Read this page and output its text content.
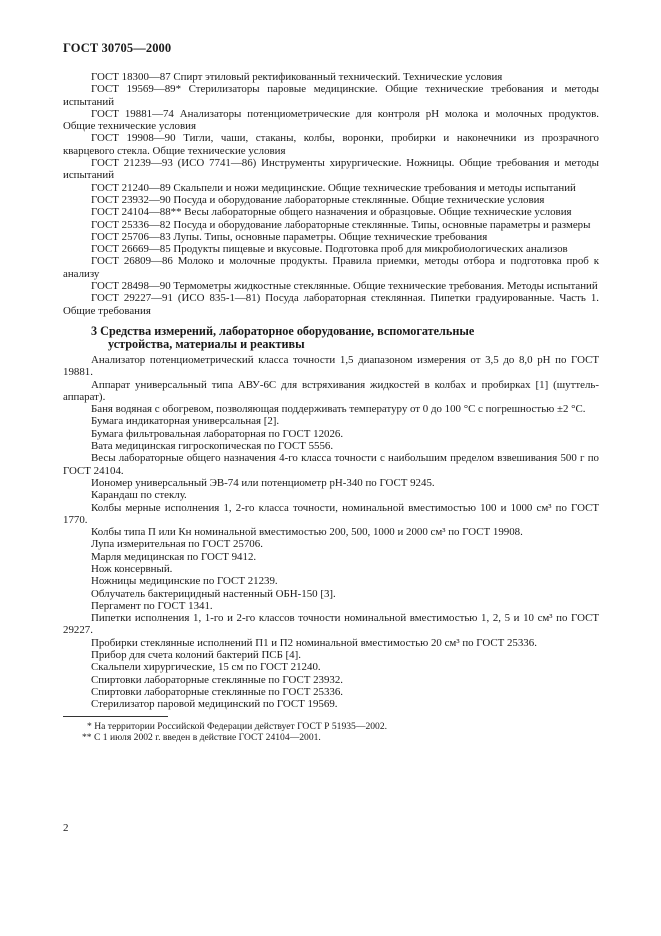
ГОСТ 30705—2000

ГОСТ 18300—87 Спирт этиловый ректификованный технический. Технические условия

ГОСТ 19569—89* Стерилизаторы паровые медицинские. Общие технические требования и методы испытаний

ГОСТ 19881—74 Анализаторы потенциометрические для контроля рН молока и молочных продуктов. Общие технические условия

ГОСТ 19908—90 Тигли, чаши, стаканы, колбы, воронки, пробирки и наконечники из прозрачного кварцевого стекла. Общие технические условия

ГОСТ 21239—93 (ИСО 7741—86) Инструменты хирургические. Ножницы. Общие требования и методы испытаний

ГОСТ 21240—89 Скальпели и ножи медицинские. Общие технические требования и методы испытаний

ГОСТ 23932—90 Посуда и оборудование лабораторные стеклянные. Общие технические условия

ГОСТ 24104—88** Весы лабораторные общего назначения и образцовые. Общие технические условия

ГОСТ 25336—82 Посуда и оборудование лабораторные стеклянные. Типы, основные параметры и размеры

ГОСТ 25706—83 Лупы. Типы, основные параметры. Общие технические требования

ГОСТ 26669—85 Продукты пищевые и вкусовые. Подготовка проб для микробиологических анализов

ГОСТ 26809—86 Молоко и молочные продукты. Правила приемки, методы отбора и подготовка проб к анализу

ГОСТ 28498—90 Термометры жидкостные стеклянные. Общие технические требования. Методы испытаний

ГОСТ 29227—91 (ИСО 835-1—81) Посуда лабораторная стеклянная. Пипетки градуированные. Часть 1. Общие требования

3 Средства измерений, лабораторное оборудование, вспомогательные
устройства, материалы и реактивы

Анализатор потенциометрический класса точности 1,5 диапазоном измерения от 3,5 до 8,0 рН по ГОСТ 19881.

Аппарат универсальный типа АВУ-6С для встряхивания жидкостей в колбах и пробирках [1] (шуттель-аппарат).

Баня водяная с обогревом, позволяющая поддерживать температуру от 0 до 100 °С с погрешностью ±2 °С.

Бумага индикаторная универсальная [2].

Бумага фильтровальная лабораторная по ГОСТ 12026.

Вата медицинская гигроскопическая по ГОСТ 5556.

Весы лабораторные общего назначения 4-го класса точности с наибольшим пределом взвешивания 500 г по ГОСТ 24104.

Иономер универсальный ЭВ-74 или потенциометр рН-340 по ГОСТ 9245.

Карандаш по стеклу.

Колбы мерные исполнения 1, 2-го класса точности, номинальной вместимостью 100 и 1000 см³ по ГОСТ 1770.

Колбы типа П или Кн номинальной вместимостью 200, 500, 1000 и 2000 см³ по ГОСТ 19908.

Лупа измерительная по ГОСТ 25706.

Марля медицинская по ГОСТ 9412.

Нож консервный.

Ножницы медицинские по ГОСТ 21239.

Облучатель бактерицидный настенный ОБН-150 [3].

Пергамент по ГОСТ 1341.

Пипетки исполнения 1, 1-го и 2-го классов точности номинальной вместимостью 1, 2, 5 и 10 см³ по ГОСТ 29227.

Пробирки стеклянные исполнений П1 и П2 номинальной вместимостью 20 см³ по ГОСТ 25336.

Прибор для счета колоний бактерий ПСБ [4].

Скальпели хирургические, 15 см по ГОСТ 21240.

Спиртовки лабораторные стеклянные по ГОСТ 23932.

Спиртовки лабораторные стеклянные по ГОСТ 25336.

Стерилизатор паровой медицинский по ГОСТ 19569.

* На территории Российской Федерации действует ГОСТ Р 51935—2002.

** С 1 июля 2002 г. введен в действие ГОСТ 24104—2001.

2
